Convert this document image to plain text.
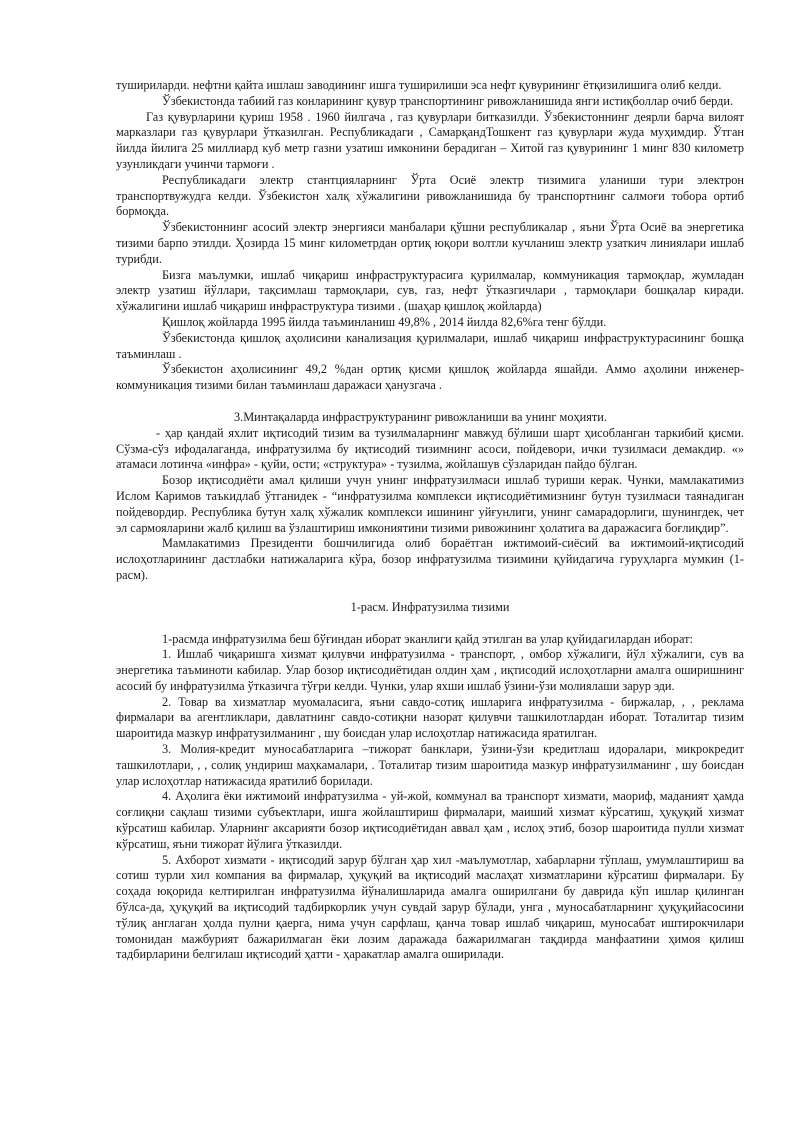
тушириларди. нефтни қайта ишлаш заводининг ишга туширилиши эса нефт қувурининг ётқизилишига олиб келди.

Ўзбекистонда табиий газ конларининг қувур транспортининг ривожланишида янги истиқболлар очиб берди.

Газ қувурларини қуриш 1958 . 1960 йилгача , газ қувурлари битказилди. Ўзбекистоннинг деярли барча вилоят марказлари газ қувурлари ўтказилган. Республикадаги , СамарқандТошкент газ қувурлари жуда муҳимдир. Ўтган йилда йилига 25 миллиард куб метр газни узатиш имконини берадиган – Хитой газ қувурининг 1 минг 830 километр узунликдаги учинчи тармоғи .

Республикадаги электр стантцияларнинг Ўрта Осиё электр тизимига уланиши тури электрон транспортвужудга келди. Ўзбекистон халқ хўжалигини ривожланишида бу транспортнинг салмоғи тобора ортиб бормоқда.

Ўзбекистоннинг асосий электр энергияси манбалари қўшни республикалар , яъни Ўрта Осиё ва энергетика тизими барпо этилди. Ҳозирда 15 минг километрдан ортиқ юқори волтли кучланиш электр узаткич линиялари ишлаб турибди.

Бизга маълумки, ишлаб чиқариш инфраструктурасига қурилмалар, коммуникация тармоқлар, жумладан электр узатиш йўллари, тақсимлаш тармоқлари, сув, газ, нефт ўтказгичлари , тармоқлари бошқалар киради. хўжалигини ишлаб чиқариш инфраструктура тизими . (шаҳар қишлоқ жойларда)

Қишлоқ жойларда 1995 йилда таъминланиш 49,8% , 2014 йилда 82,6%га тенг бўлди.

Ўзбекистонда қишлоқ аҳолисини канализация қурилмалари, ишлаб чиқариш инфраструктурасининг бошқа таъминлаш .

Ўзбекистон аҳолисининг 49,2 %дан ортиқ қисми қишлоқ жойларда яшайди. Аммо аҳолини инженер-коммуникация тизими билан таъминлаш даражаси ҳанузгача .

3.Минтақаларда инфраструктуранинг ривожланиши ва унинг моҳияти.

- ҳар қандай яхлит иқтисодий тизим ва тузилмаларнинг мавжуд бўлиши шарт ҳисобланган таркибий қисми. Сўзма-сўз ифодалаганда, инфратузилма бу иқтисодий тизимнинг асоси, пойдевори, ички тузилмаси демакдир. «» атамаси лотинча «инфра» - қуйи, ости; «структура» - тузилма, жойлашув сўзларидан пайдо бўлган.

Бозор иқтисодиёти амал қилиши учун унинг инфратузилмаси ишлаб туриши керак. Чунки, мамлакатимиз Ислом Каримов таъкидлаб ўтганидек - “инфратузилма комплекси иқтисодиётимизнинг бутун тузилмаси таянадиган пойдевордир. Республика бутун халқ хўжалик комплекси ишининг уйғунлиги, унинг самарадорлиги, шунингдек, чет эл сармояларини жалб қилиш ва ўзлаштириш имкониятини тизими ривожининг ҳолатига ва даражасига боғлиқдир”.

Мамлакатимиз Президенти бошчилигида олиб бораётган ижтимоий-сиёсий ва ижтимоий-иқтисодий ислоҳотларининг дастлабки натижаларига кўра, бозор инфратузилма тизимини қуйидагича гуруҳларга мумкин (1-расм).

1-расм. Инфратузилма тизими

1-расмда инфратузилма беш бўғиндан иборат эканлиги қайд этилган ва улар қуйидагилардан иборат:

1. Ишлаб чиқаришга хизмат қилувчи инфратузилма - транспорт, , омбор хўжалиги, йўл хўжалиги, сув ва энергетика таъминоти кабилар. Улар бозор иқтисодиётидан олдин ҳам , иқтисодий ислоҳотларни амалга оширишнинг асосий бу инфратузилма ўтказичга тўғри келди. Чунки, улар яхши ишлаб ўзини-ўзи молиялаши зарур эди.

2. Товар ва хизматлар муомаласига, яъни савдо-сотиқ ишларига инфратузилма - биржалар, , , реклама фирмалари ва агентликлари, давлатнинг савдо-сотиқни назорат қилувчи ташкилотлардан иборат. Тоталитар тизим шароитида мазкур инфратузилманинг , шу боисдан улар ислоҳотлар натижасида яратилган.

3. Молия-кредит муносабатларига –тижорат банклари, ўзини-ўзи кредитлаш идоралари, микрокредит ташкилотлари, , , солиқ ундириш маҳкамалари, . Тоталитар тизим шароитида мазкур инфратузилманинг , шу боисдан улар ислоҳотлар натижасида яратилиб борилади.

4. Аҳолига ёки ижтимоий инфратузилма - уй-жой, коммунал ва транспорт хизмати, маориф, маданият ҳамда соғлиқни сақлаш тизими субъектлари, ишга жойлаштириш фирмалари, маиший хизмат кўрсатиш, ҳуқуқий хизмат кўрсатиш кабилар. Уларнинг аксарияти бозор иқтисодиётидан аввал ҳам , ислоҳ этиб, бозор шароитида пулли хизмат кўрсатиш, яъни тижорат йўлига ўтказилди.

5. Ахборот хизмати - иқтисодий зарур бўлган ҳар хил -маълумотлар, хабарларни тўплаш, умумлаштириш ва сотиш турли хил компания ва фирмалар, ҳуқуқий ва иқтисодий маслаҳат хизматларини кўрсатиш фирмалари. Бу соҳада юқорида келтирилган инфратузилма йўналишларида амалга оширилгани бу даврида кўп ишлар қилинган бўлса-да, ҳуқуқий ва иқтисодий тадбиркорлик учун сувдай зарур бўлади, унга , муносабатларнинг ҳуқуқийасосини тўлиқ англаган ҳолда пулни қаерга, нима учун сарфлаш, қанча товар ишлаб чиқариш, муносабат иштирокчилари томонидан мажбурият бажарилмаган ёки лозим даражада бажарилмаган тақдирда манфаатини ҳимоя қилиш тадбирларини белгилаш иқтисодий ҳатти - ҳаракатлар амалга оширилади.
